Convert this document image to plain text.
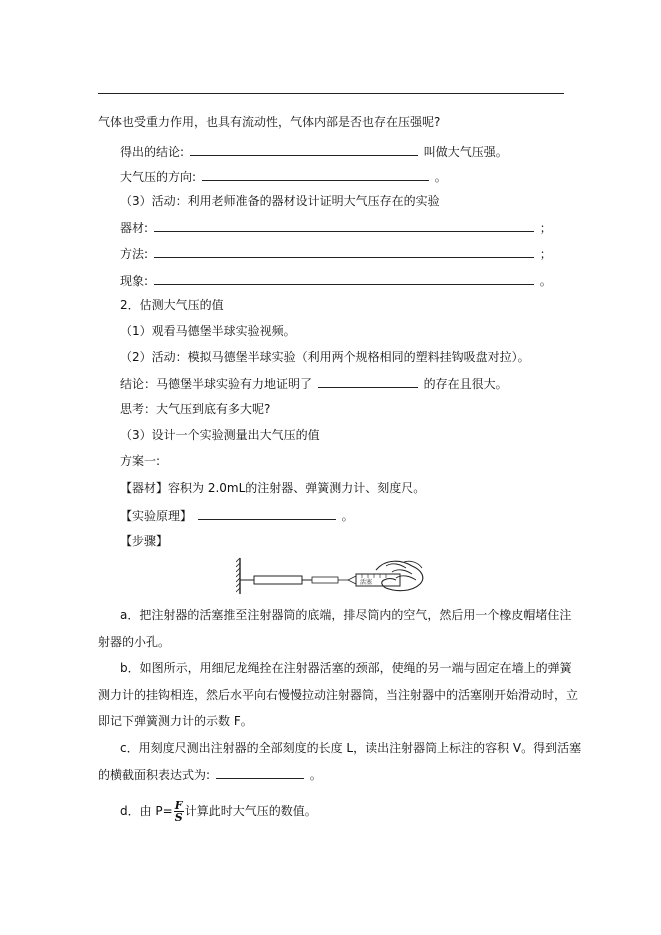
气体也受重力作用，也具有流动性，气体内部是否也存在压强呢?
得出的结论:	叫做大气压强。
大气压的方向:	。
（3）活动：利用老师准备的器材设计证明大气压存在的实验
器材:	；
方法:	；
现象:	。
2．估测大气压的值
（1）观看马德堡半球实验视频。
（2）活动：模拟马德堡半球实验（利用两个规格相同的塑料挂钩吸盘对拉）。
结论：马德堡半球实验有力地证明了	的存在且很大。
思考：大气压到底有多大呢?
（3）设计一个实验测量出大气压的值
方案一:
【器材】容积为 2.0mL的注射器、弹簧测力计、刻度尺。
【实验原理】	。
【步骤】
活塞
a．把注射器的活塞推至注射器筒的底端，排尽筒内的空气，然后用一个橡皮帽堵住注
射器的小孔。
b．如图所示，用细尼龙绳拴在注射器活塞的颈部，使绳的另一端与固定在墙上的弹簧
测力计的挂钩相连，然后水平向右慢慢拉动注射器筒，当注射器中的活塞刚开始滑动时，立
即记下弹簧测力计的示数 F。
c．用刻度尺测出注射器的全部刻度的长度 L，读出注射器筒上标注的容积 V。得到活塞
的横截面积表达式为:	。
d．由 $P= \frac{F}{S}$ 计算此时大气压的数值。
